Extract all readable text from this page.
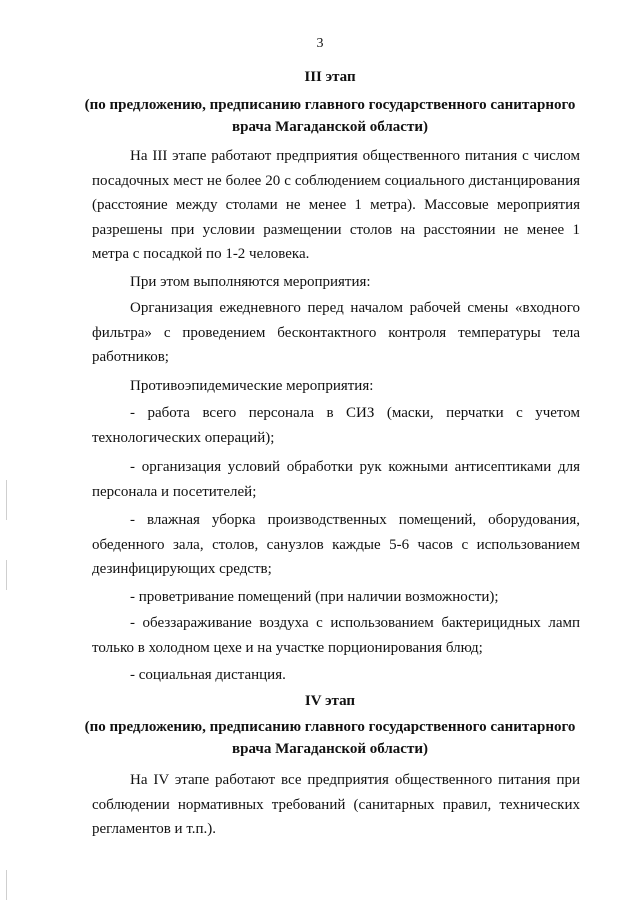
3
III этап
(по предложению, предписанию главного государственного санитарного врача Магаданской области)
На III этапе работают предприятия общественного питания с числом посадочных мест не более 20 с соблюдением социального дистанцирования (расстояние между столами не менее 1 метра). Массовые мероприятия разрешены при условии размещении столов на расстоянии не менее 1 метра с посадкой по 1-2 человека.
При этом выполняются мероприятия:
Организация ежедневного перед началом рабочей смены «входного фильтра» с проведением бесконтактного контроля температуры тела работников;
Противоэпидемические мероприятия:
- работа всего персонала в СИЗ (маски, перчатки с учетом технологических операций);
- организация условий обработки рук кожными антисептиками для персонала и посетителей;
- влажная уборка производственных помещений, оборудования, обеденного зала, столов, санузлов каждые 5-6 часов с использованием дезинфицирующих средств;
- проветривание помещений (при наличии возможности);
- обеззараживание воздуха с использованием бактерицидных ламп только в холодном цехе и на участке порционирования блюд;
- социальная дистанция.
IV этап
(по предложению, предписанию главного государственного санитарного врача Магаданской области)
На IV этапе работают все предприятия общественного питания при соблюдении нормативных требований (санитарных правил, технических регламентов и т.п.).
